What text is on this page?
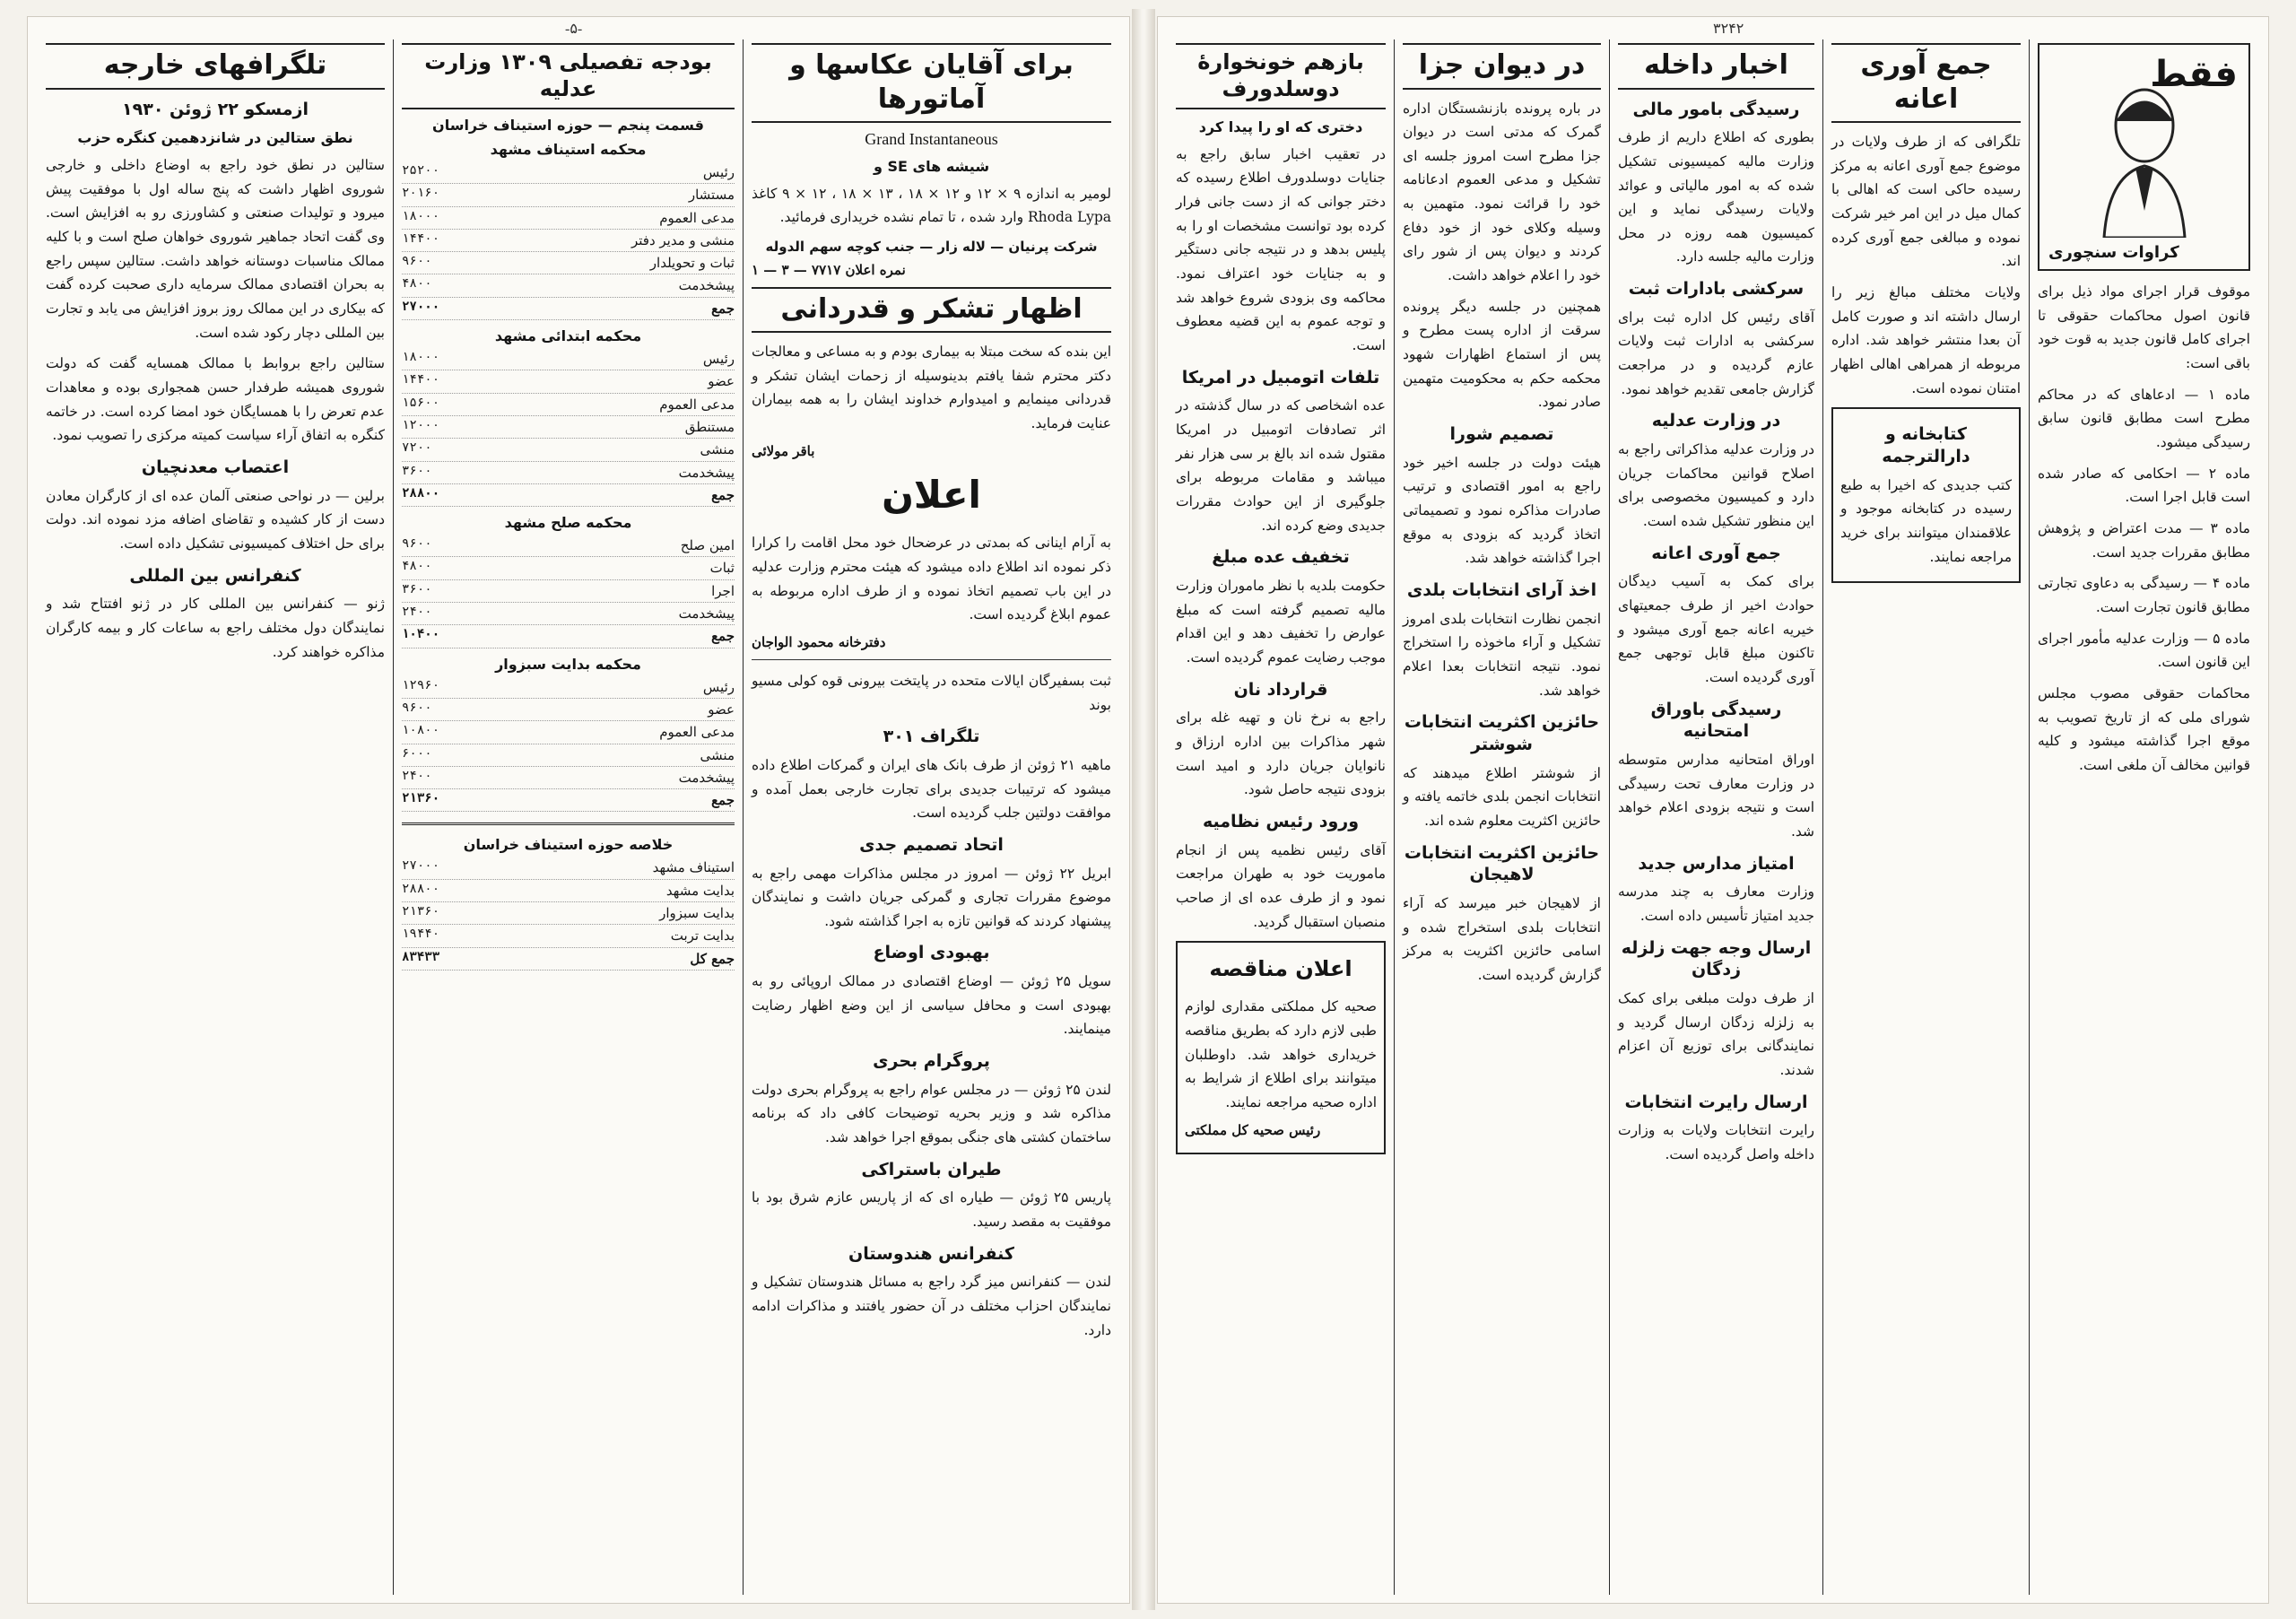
-۵-
برای آقایان عکاسها و آماتورها
Grand Instantaneous
شیشه های SE و

لومیر به اندازه ۹ × ۱۲ و ۱۲ × ۱۸ ، ۱۳ × ۱۸ ، ۱۲ × ۹ کاغذ Rhoda Lypa وارد شده ، تا تمام نشده خریداری فرمائید.

شرکت پرنیان — لاله زار — جنب کوچه سهم الدوله
نمره اعلان ۷۷۱۷ — ۳ — ۱
اظهار تشکر و قدردانی

این بنده که سخت مبتلا به بیماری بودم و به مساعی و معالجات دکتر محترم شفا یافتم بدینوسیله از زحمات ایشان تشکر و قدردانی مینمایم و امیدوارم خداوند ایشان را به همه بیماران عنایت فرماید.

باقر مولائی
اعلان

به آرام اینانی که بمدتی در عرضحال خود محل اقامت را کرارا ذکر نموده اند اطلاع داده میشود که هیئت محترم وزارت عدلیه در این باب تصمیم اتخاذ نموده و از طرف اداره مربوطه به عموم ابلاغ گردیده است.

دفترخانه محمود الواجان

ثبت بسفیرگان ایالات متحده در پایتخت بیرونی قوه کولی مسیو بوند

تلگراف ۳۰۱

ماهیه ۲۱ ژوئن از طرف بانک های ایران و گمرکات اطلاع داده میشود که ترتیبات جدیدی برای تجارت خارجی بعمل آمده و موافقت دولتین جلب گردیده است.

اتحاد تصمیم جدی

ابریل ۲۲ ژوئن — امروز در مجلس مذاکرات مهمی راجع به موضوع مقررات تجاری و گمرکی جریان داشت و نمایندگان پیشنهاد کردند که قوانین تازه به اجرا گذاشته شود.

بهبودی اوضاع

سویل ۲۵ ژوئن — اوضاع اقتصادی در ممالک اروپائی رو به بهبودی است و محافل سیاسی از این وضع اظهار رضایت مینمایند.

پروگرام بحری

لندن ۲۵ ژوئن — در مجلس عوام راجع به پروگرام بحری دولت مذاکره شد و وزیر بحریه توضیحات کافی داد که برنامه ساختمان کشتی های جنگی بموقع اجرا خواهد شد.

طیران باستراکی

پاریس ۲۵ ژوئن — طیاره ای که از پاریس عازم شرق بود با موفقیت به مقصد رسید.

کنفرانس هندوستان

لندن — کنفرانس میز گرد راجع به مسائل هندوستان تشکیل و نمایندگان احزاب مختلف در آن حضور یافتند و مذاکرات ادامه دارد.

بودجه تفصیلی ۱۳۰۹ وزارت عدلیه
قسمت پنجم — حوزه استیناف خراسان
محکمه استیناف مشهد
رئیس
۲۵۲۰۰
مستشار
۲۰۱۶۰
مدعی العموم
۱۸۰۰۰
منشی و مدیر دفتر
۱۴۴۰۰
ثبات و تحویلدار
۹۶۰۰
پیشخدمت
۴۸۰۰
جمع
۲۷۰۰۰
محکمه ابتدائی مشهد
رئیس
۱۸۰۰۰
عضو
۱۴۴۰۰
مدعی العموم
۱۵۶۰۰
مستنطق
۱۲۰۰۰
منشی
۷۲۰۰
پیشخدمت
۳۶۰۰
جمع
۲۸۸۰۰
محکمه صلح مشهد
امین صلح
۹۶۰۰
ثبات
۴۸۰۰
اجرا
۳۶۰۰
پیشخدمت
۲۴۰۰
جمع
۱۰۴۰۰
محکمه بدایت سبزوار
رئیس
۱۲۹۶۰
عضو
۹۶۰۰
مدعی العموم
۱۰۸۰۰
منشی
۶۰۰۰
پیشخدمت
۲۴۰۰
جمع
۲۱۳۶۰
خلاصه حوزه استیناف خراسان
استیناف مشهد
۲۷۰۰۰
بدایت مشهد
۲۸۸۰۰
بدایت سبزوار
۲۱۳۶۰
بدایت تربت
۱۹۴۴۰
جمع کل
۸۳۴۳۳
تلگرافهای خارجه
ازمسکو ۲۲ ژوئن ۱۹۳۰
نطق ستالین در شانزدهمین کنگره حزب

ستالین در نطق خود راجع به اوضاع داخلی و خارجی شوروی اظهار داشت که پنج ساله اول با موفقیت پیش میرود و تولیدات صنعتی و کشاورزی رو به افزایش است. وی گفت اتحاد جماهیر شوروی خواهان صلح است و با کلیه ممالک مناسبات دوستانه خواهد داشت. ستالین سپس راجع به بحران اقتصادی ممالک سرمایه داری صحبت کرده گفت که بیکاری در این ممالک روز بروز افزایش می یابد و تجارت بین المللی دچار رکود شده است.

ستالین راجع بروابط با ممالک همسایه گفت که دولت شوروی همیشه طرفدار حسن همجواری بوده و معاهدات عدم تعرض را با همسایگان خود امضا کرده است. در خاتمه کنگره به اتفاق آراء سیاست کمیته مرکزی را تصویب نمود.

اعتصاب معدنچیان

برلین — در نواحی صنعتی آلمان عده ای از کارگران معادن دست از کار کشیده و تقاضای اضافه مزد نموده اند. دولت برای حل اختلاف کمیسیونی تشکیل داده است.

کنفرانس بین المللی

ژنو — کنفرانس بین المللی کار در ژنو افتتاح شد و نمایندگان دول مختلف راجع به ساعات کار و بیمه کارگران مذاکره خواهند کرد.

۳۲۴۲
فقط
کراوات سنچوری

موقوف قرار اجرای مواد ذیل برای قانون اصول محاکمات حقوقی تا اجرای کامل قانون جدید به قوت خود باقی است:

ماده ۱ — ادعاهای که در محاکم مطرح است مطابق قانون سابق رسیدگی میشود.

ماده ۲ — احکامی که صادر شده است قابل اجرا است.

ماده ۳ — مدت اعتراض و پژوهش مطابق مقررات جدید است.

ماده ۴ — رسیدگی به دعاوی تجارتی مطابق قانون تجارت است.

ماده ۵ — وزارت عدلیه مأمور اجرای این قانون است.

محاکمات حقوقی مصوب مجلس شورای ملی که از تاریخ تصویب به موقع اجرا گذاشته میشود و کلیه قوانین مخالف آن ملغی است.

جمع آوری اعانه

تلگرافی که از طرف ولایات در موضوع جمع آوری اعانه به مرکز رسیده حاکی است که اهالی با کمال میل در این امر خیر شرکت نموده و مبالغی جمع آوری کرده اند.

ولایات مختلف مبالغ زیر را ارسال داشته اند و صورت کامل آن بعدا منتشر خواهد شد. اداره مربوطه از همراهی اهالی اظهار امتنان نموده است.

کتابخانه و دارالترجمه

کتب جدیدی که اخیرا به طبع رسیده در کتابخانه موجود و علاقمندان میتوانند برای خرید مراجعه نمایند.

اخبار داخله
رسیدگی بامور مالی

بطوری که اطلاع داریم از طرف وزارت مالیه کمیسیونی تشکیل شده که به امور مالیاتی و عوائد ولایات رسیدگی نماید و این کمیسیون همه روزه در محل وزارت مالیه جلسه دارد.

سرکشی بادارات ثبت

آقای رئیس کل اداره ثبت برای سرکشی به ادارات ثبت ولایات عازم گردیده و در مراجعت گزارش جامعی تقدیم خواهد نمود.

در وزارت عدلیه

در وزارت عدلیه مذاکراتی راجع به اصلاح قوانین محاکمات جریان دارد و کمیسیون مخصوصی برای این منظور تشکیل شده است.

جمع آوری اعانه

برای کمک به آسیب دیدگان حوادث اخیر از طرف جمعیتهای خیریه اعانه جمع آوری میشود و تاکنون مبلغ قابل توجهی جمع آوری گردیده است.

رسیدگی باوراق امتحانیه

اوراق امتحانیه مدارس متوسطه در وزارت معارف تحت رسیدگی است و نتیجه بزودی اعلام خواهد شد.

امتیاز مدارس جدید

وزارت معارف به چند مدرسه جدید امتیاز تأسیس داده است.

ارسال وجه جهت زلزله زدگان

از طرف دولت مبلغی برای کمک به زلزله زدگان ارسال گردید و نمایندگانی برای توزیع آن اعزام شدند.

ارسال رایرت انتخابات

رایرت انتخابات ولایات به وزارت داخله واصل گردیده است.

در دیوان جزا

در باره پرونده بازنشستگان اداره گمرک که مدتی است در دیوان جزا مطرح است امروز جلسه ای تشکیل و مدعی العموم ادعانامه خود را قرائت نمود. متهمین به وسیله وکلای خود از خود دفاع کردند و دیوان پس از شور رای خود را اعلام خواهد داشت.

همچنین در جلسه دیگر پرونده سرقت از اداره پست مطرح و پس از استماع اظهارات شهود محکمه حکم به محکومیت متهمین صادر نمود.

تصمیم شورا

هیئت دولت در جلسه اخیر خود راجع به امور اقتصادی و ترتیب صادرات مذاکره نمود و تصمیماتی اتخاذ گردید که بزودی به موقع اجرا گذاشته خواهد شد.

اخذ آرای انتخابات بلدی

انجمن نظارت انتخابات بلدی امروز تشکیل و آراء ماخوذه را استخراج نمود. نتیجه انتخابات بعدا اعلام خواهد شد.

حائزین اکثریت انتخابات شوشتر

از شوشتر اطلاع میدهند که انتخابات انجمن بلدی خاتمه یافته و حائزین اکثریت معلوم شده اند.

حائزین اکثریت انتخابات لاهیجان

از لاهیجان خبر میرسد که آراء انتخابات بلدی استخراج شده و اسامی حائزین اکثریت به مرکز گزارش گردیده است.

بازهم خونخوارۀ دوسلدورف
دختری که او را پیدا کرد

در تعقیب اخبار سابق راجع به جنایات دوسلدورف اطلاع رسیده که دختر جوانی که از دست جانی فرار کرده بود توانست مشخصات او را به پلیس بدهد و در نتیجه جانی دستگیر و به جنایات خود اعتراف نمود. محاکمه وی بزودی شروع خواهد شد و توجه عموم به این قضیه معطوف است.

تلفات اتومبیل در امریکا

عده اشخاصی که در سال گذشته در اثر تصادفات اتومبیل در امریکا مقتول شده اند بالغ بر سی هزار نفر میباشد و مقامات مربوطه برای جلوگیری از این حوادث مقررات جدیدی وضع کرده اند.

تخفیف عده مبلغ

حکومت بلدیه با نظر ماموران وزارت مالیه تصمیم گرفته است که مبلغ عوارض را تخفیف دهد و این اقدام موجب رضایت عموم گردیده است.

قرارداد نان

راجع به نرخ نان و تهیه غله برای شهر مذاکرات بین اداره ارزاق و نانوایان جریان دارد و امید است بزودی نتیجه حاصل شود.

ورود رئیس نظامیه

آقای رئیس نظمیه پس از انجام ماموریت خود به طهران مراجعت نمود و از طرف عده ای از صاحب منصبان استقبال گردید.

اعلان مناقصه

صحیه کل مملکتی مقداری لوازم طبی لازم دارد که بطریق مناقصه خریداری خواهد شد. داوطلبان میتوانند برای اطلاع از شرایط به اداره صحیه مراجعه نمایند.

رئیس صحیه کل مملکتی
